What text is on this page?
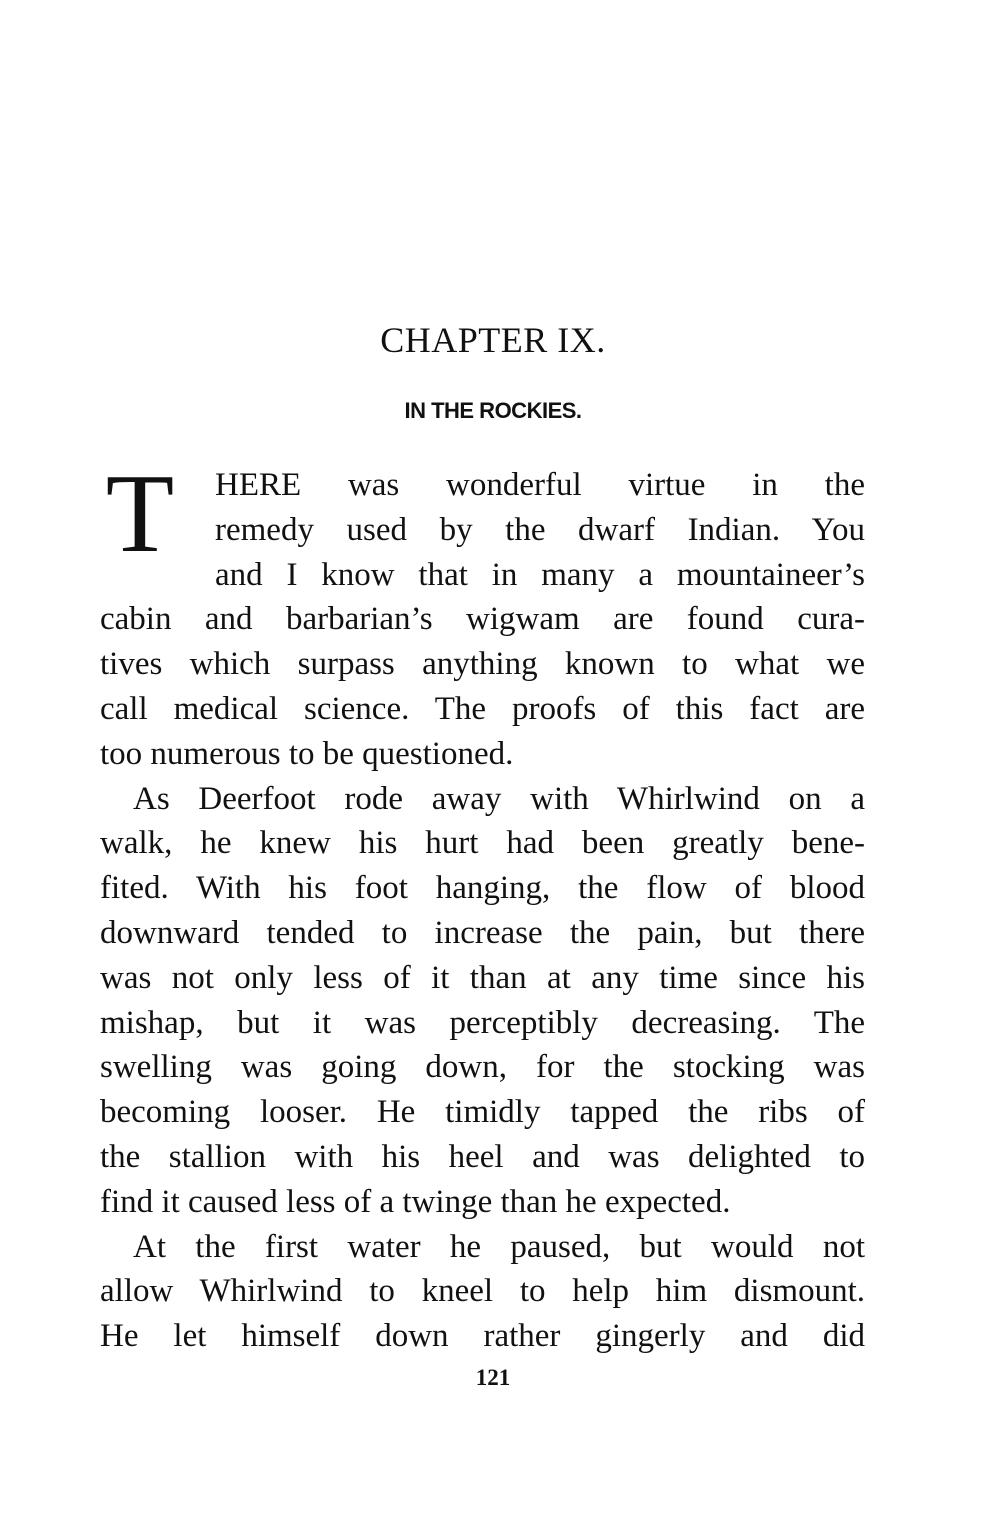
CHAPTER IX.
IN THE ROCKIES.
T HERE was wonderful virtue in the
remedy used by the dwarf Indian. You
and I know that in many a mountaineer’s
cabin and barbarian’s wigwam are found cura-
tives which surpass anything known to what we
call medical science. The proofs of this fact are
too numerous to be questioned.
As Deerfoot rode away with Whirlwind on a
walk, he knew his hurt had been greatly bene-
fited. With his foot hanging, the flow of blood
downward tended to increase the pain, but there
was not only less of it than at any time since his
mishap, but it was perceptibly decreasing. The
swelling was going down, for the stocking was
becoming looser. He timidly tapped the ribs of
the stallion with his heel and was delighted to
find it caused less of a twinge than he expected.
At the first water he paused, but would not
allow Whirlwind to kneel to help him dismount.
He let himself down rather gingerly and did
121
